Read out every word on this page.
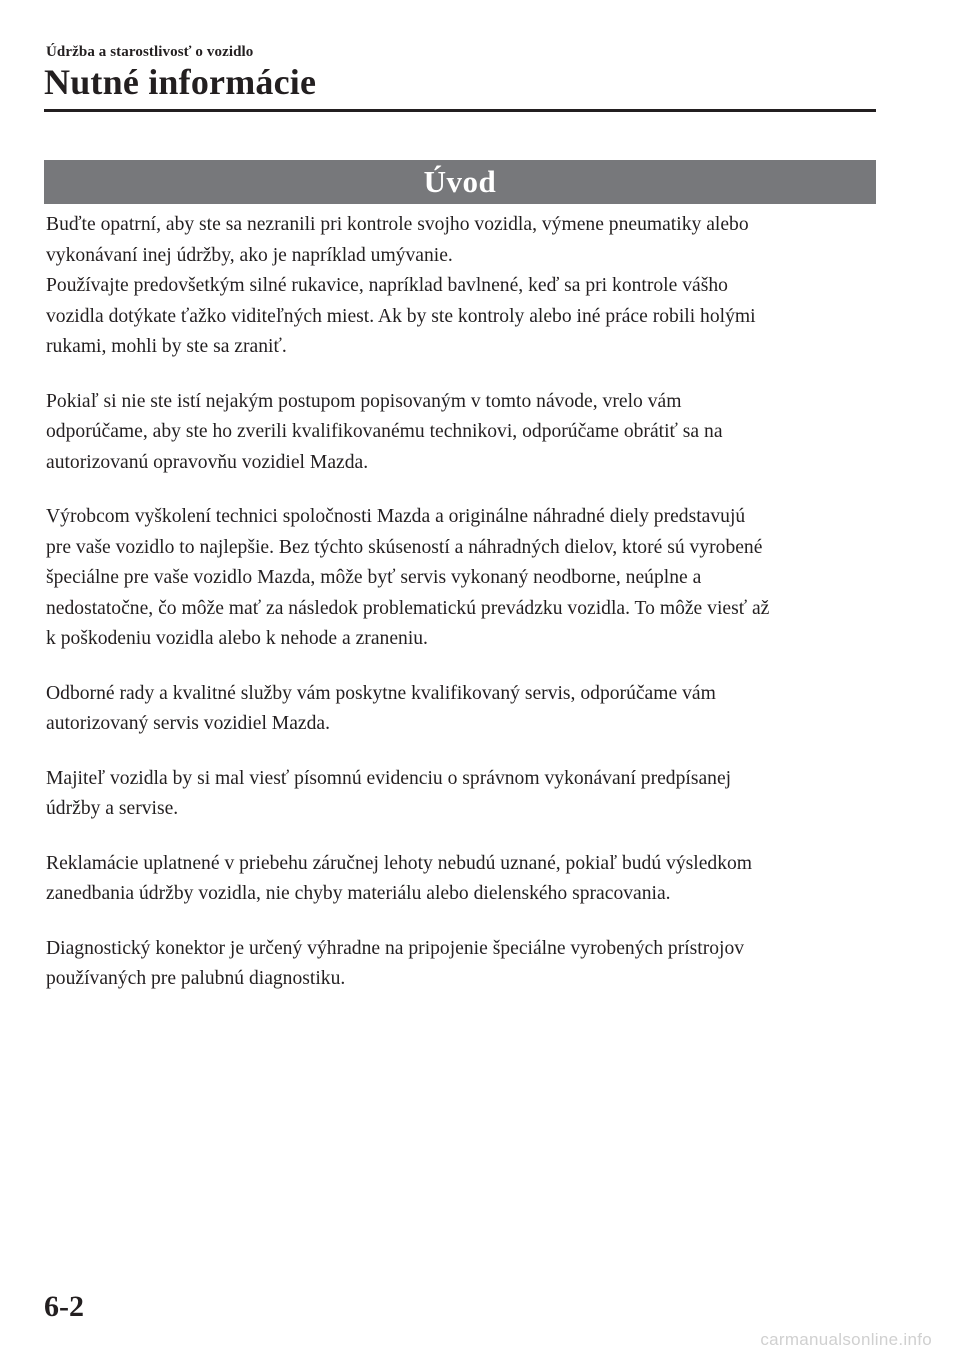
Údržba a starostlivosť o vozidlo
Nutné informácie
Úvod

Buďte opatrní, aby ste sa nezranili pri kontrole svojho vozidla, výmene pneumatiky alebo
vykonávaní inej údržby, ako je napríklad umývanie.
Používajte predovšetkým silné rukavice, napríklad bavlnené, keď sa pri kontrole vášho
vozidla dotýkate ťažko viditeľných miest. Ak by ste kontroly alebo iné práce robili holými
rukami, mohli by ste sa zraniť.

Pokiaľ si nie ste istí nejakým postupom popisovaným v tomto návode, vrelo vám
odporúčame, aby ste ho zverili kvalifikovanému technikovi, odporúčame obrátiť sa na
autorizovanú opravovňu vozidiel Mazda.

Výrobcom vyškolení technici spoločnosti Mazda a originálne náhradné diely predstavujú
pre vaše vozidlo to najlepšie. Bez týchto skúseností a náhradných dielov, ktoré sú vyrobené
špeciálne pre vaše vozidlo Mazda, môže byť servis vykonaný neodborne, neúplne a
nedostatočne, čo môže mať za následok problematickú prevádzku vozidla. To môže viesť až
k poškodeniu vozidla alebo k nehode a zraneniu.

Odborné rady a kvalitné služby vám poskytne kvalifikovaný servis, odporúčame vám
autorizovaný servis vozidiel Mazda.

Majiteľ vozidla by si mal viesť písomnú evidenciu o správnom vykonávaní predpísanej
údržby a servise.

Reklamácie uplatnené v priebehu záručnej lehoty nebudú uznané, pokiaľ budú výsledkom
zanedbania údržby vozidla, nie chyby materiálu alebo dielenského spracovania.

Diagnostický konektor je určený výhradne na pripojenie špeciálne vyrobených prístrojov
používaných pre palubnú diagnostiku.

6-2
carmanualsonline.info
